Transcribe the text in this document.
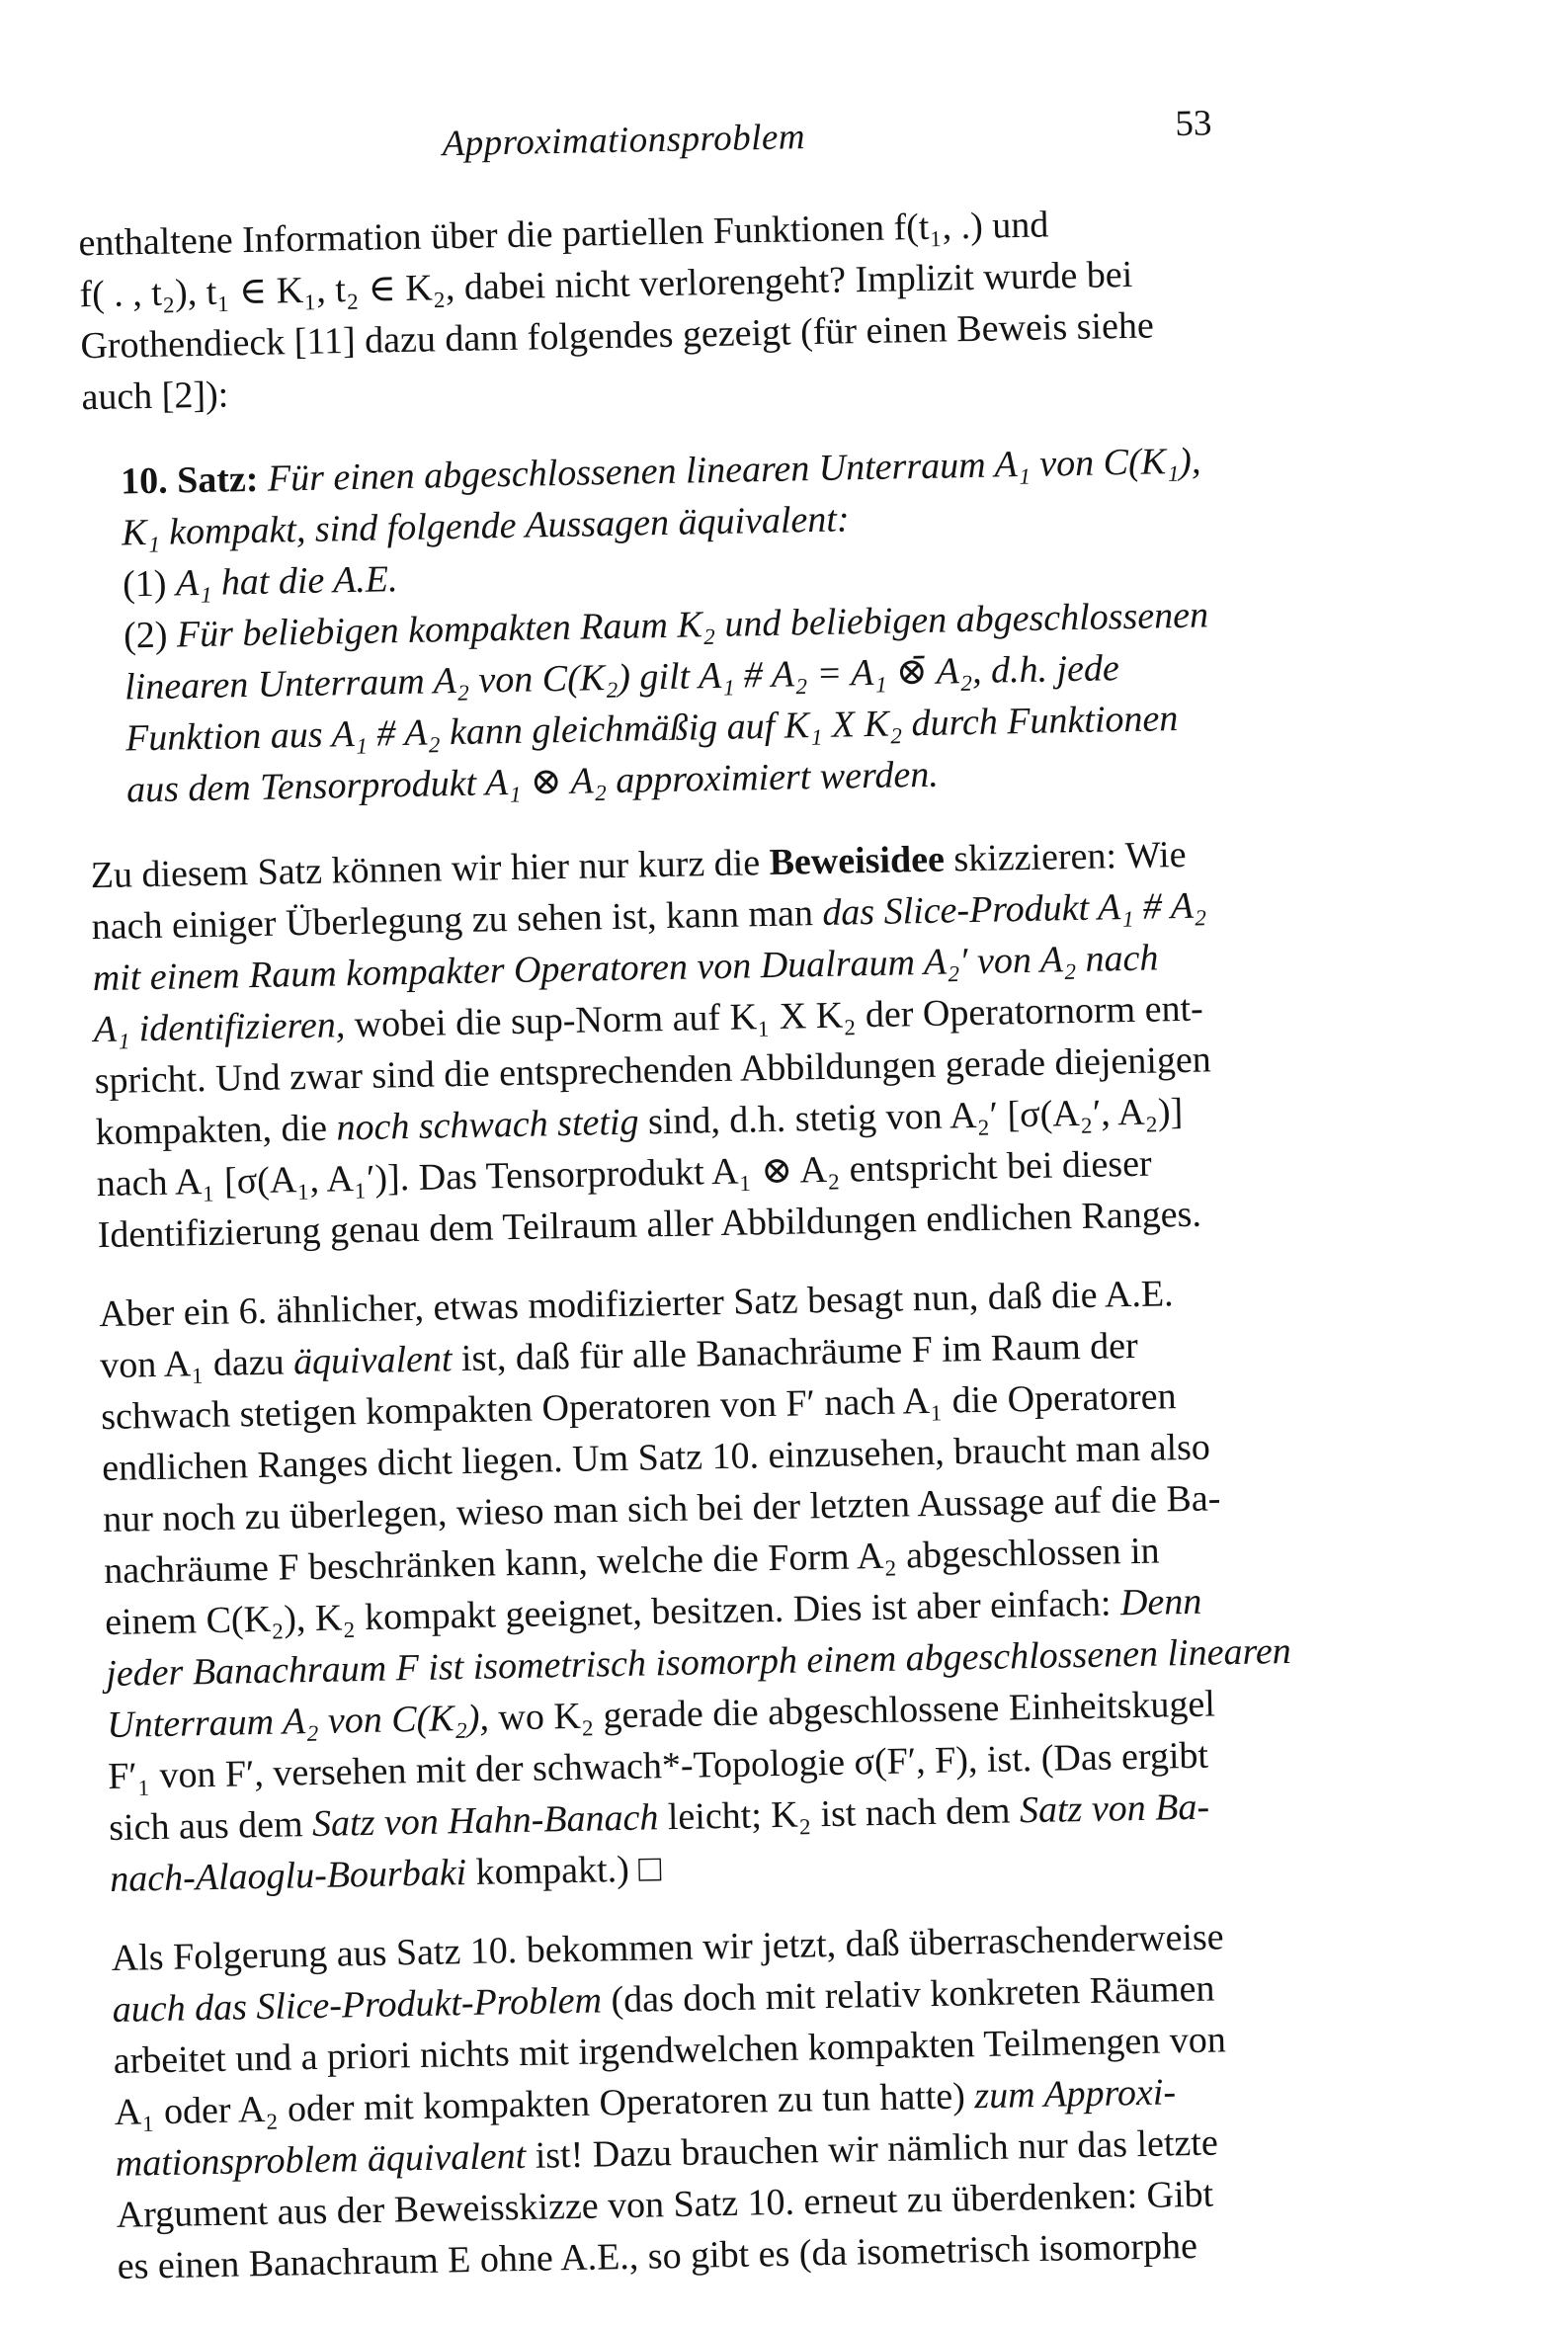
Approximationsproblem	53
enthaltene Information über die partiellen Funktionen f(t₁, .) und
f( . , t₂), t₁ ∈ K₁, t₂ ∈ K₂, dabei nicht verlorengeht? Implizit wurde bei
Grothendieck [11] dazu dann folgendes gezeigt (für einen Beweis siehe
auch [2]):
10. Satz: Für einen abgeschlossenen linearen Unterraum A₁ von C(K₁),
K₁ kompakt, sind folgende Aussagen äquivalent:
(1) A₁ hat die A.E.
(2) Für beliebigen kompakten Raum K₂ und beliebigen abgeschlossenen
linearen Unterraum A₂ von C(K₂) gilt A₁ # A₂ = A₁ ⊗̄ A₂, d.h. jede
Funktion aus A₁ # A₂ kann gleichmäßig auf K₁ X K₂ durch Funktionen
aus dem Tensorprodukt A₁ ⊗ A₂ approximiert werden.
Zu diesem Satz können wir hier nur kurz die Beweisidee skizzieren: Wie
nach einiger Überlegung zu sehen ist, kann man das Slice-Produkt A₁ # A₂
mit einem Raum kompakter Operatoren von Dualraum A₂′ von A₂ nach
A₁ identifizieren, wobei die sup-Norm auf K₁ X K₂ der Operatornorm ent-
spricht. Und zwar sind die entsprechenden Abbildungen gerade diejenigen
kompakten, die noch schwach stetig sind, d.h. stetig von A₂′ [σ(A₂′, A₂)]
nach A₁ [σ(A₁, A₁′)]. Das Tensorprodukt A₁ ⊗ A₂ entspricht bei dieser
Identifizierung genau dem Teilraum aller Abbildungen endlichen Ranges.
Aber ein 6. ähnlicher, etwas modifizierter Satz besagt nun, daß die A.E.
von A₁ dazu äquivalent ist, daß für alle Banachräume F im Raum der
schwach stetigen kompakten Operatoren von F′ nach A₁ die Operatoren
endlichen Ranges dicht liegen. Um Satz 10. einzusehen, braucht man also
nur noch zu überlegen, wieso man sich bei der letzten Aussage auf die Ba-
nachräume F beschränken kann, welche die Form A₂ abgeschlossen in
einem C(K₂), K₂ kompakt geeignet, besitzen. Dies ist aber einfach: Denn
jeder Banachraum F ist isometrisch isomorph einem abgeschlossenen linearen
Unterraum A₂ von C(K₂), wo K₂ gerade die abgeschlossene Einheitskugel
F′₁ von F′, versehen mit der schwach*-Topologie σ(F′, F), ist. (Das ergibt
sich aus dem Satz von Hahn-Banach leicht; K₂ ist nach dem Satz von Ba-
nach-Alaoglu-Bourbaki kompakt.) □
Als Folgerung aus Satz 10. bekommen wir jetzt, daß überraschenderweise
auch das Slice-Produkt-Problem (das doch mit relativ konkreten Räumen
arbeitet und a priori nichts mit irgendwelchen kompakten Teilmengen von
A₁ oder A₂ oder mit kompakten Operatoren zu tun hatte) zum Approxi-
mationsproblem äquivalent ist! Dazu brauchen wir nämlich nur das letzte
Argument aus der Beweisskizze von Satz 10. erneut zu überdenken: Gibt
es einen Banachraum E ohne A.E., so gibt es (da isometrisch isomorphe
